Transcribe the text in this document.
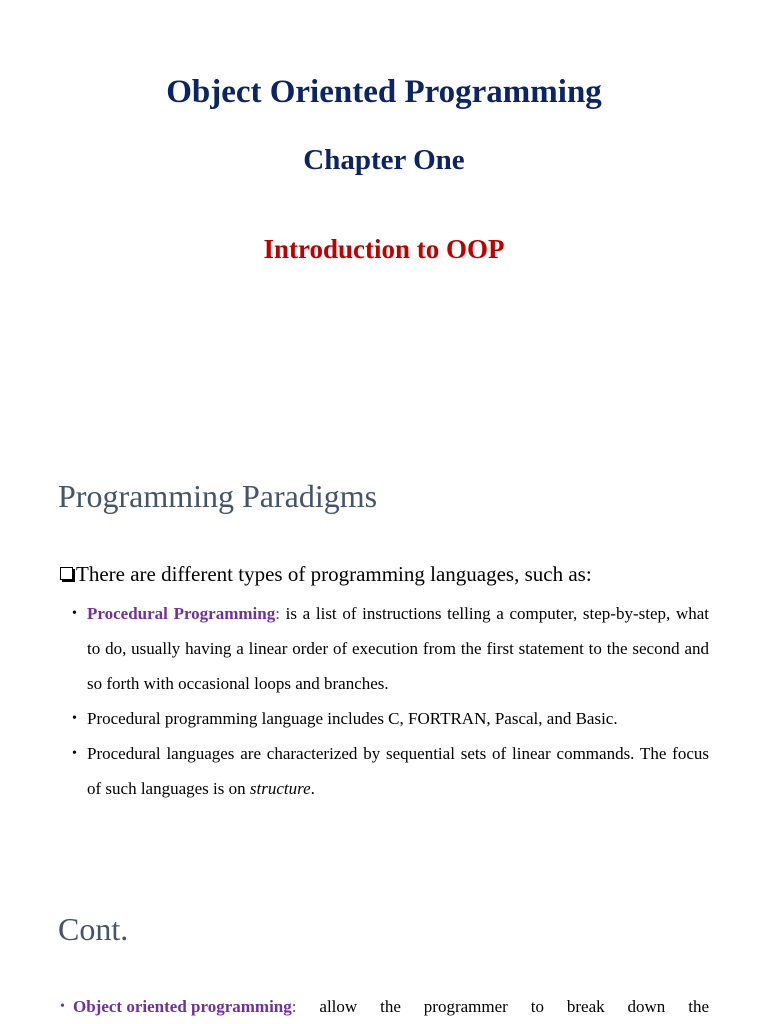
Object Oriented Programming
Chapter One
Introduction to OOP
Programming Paradigms
There are different types of programming languages, such as:
• Procedural Programming: is a list of instructions telling a computer, step-by-step, what to do, usually having a linear order of execution from the first statement to the second and so forth with occasional loops and branches.
• Procedural programming language includes C, FORTRAN, Pascal, and Basic.
• Procedural languages are characterized by sequential sets of linear commands. The focus of such languages is on structure.
Cont.
• Object oriented programming: allow the programmer to break down the
